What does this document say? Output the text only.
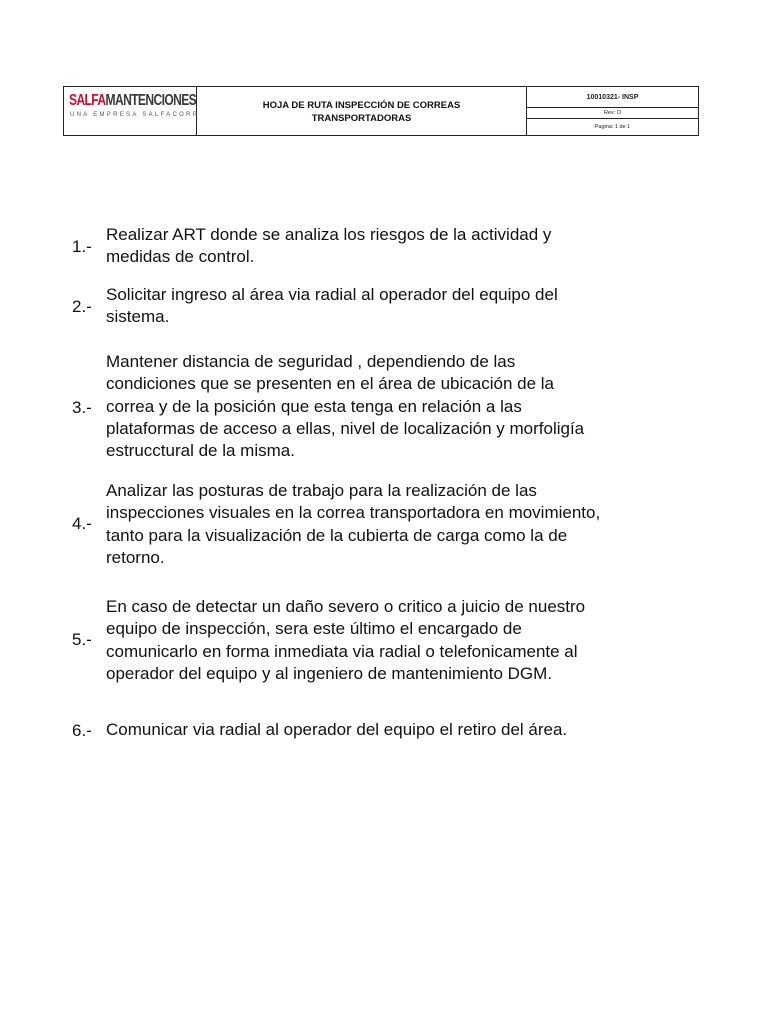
SALFAMANTENCIONES
UNA EMPRESA SALFACORP
HOJA DE RUTA INSPECCIÓN DE CORREAS
TRANSPORTADORAS
10010321- INSP
Rev: O
Pagina: 1 de 1
1.-
Realizar ART donde se analiza los riesgos de la actividad y
medidas de control.
2.-
Solicitar ingreso al área via radial al operador del equipo del
sistema.
3.-
Mantener distancia de seguridad , dependiendo de las
condiciones que se presenten en el área de ubicación de la
correa y de la posición que esta tenga en relación a las
plataformas de acceso a ellas, nivel de localización y morfoligía
estrucctural de la misma.
4.-
Analizar las posturas de trabajo para la realización de las
inspecciones visuales en la correa transportadora en movimiento,
tanto para la visualización de la cubierta de carga como la de
retorno.
5.-
En caso de detectar un daño severo o critico a juicio de nuestro
equipo de inspección, sera este último el encargado de
comunicarlo en forma inmediata via radial o telefonicamente al
operador del equipo y al ingeniero de mantenimiento DGM.
6.- Comunicar via radial al operador del equipo el retiro del área.
